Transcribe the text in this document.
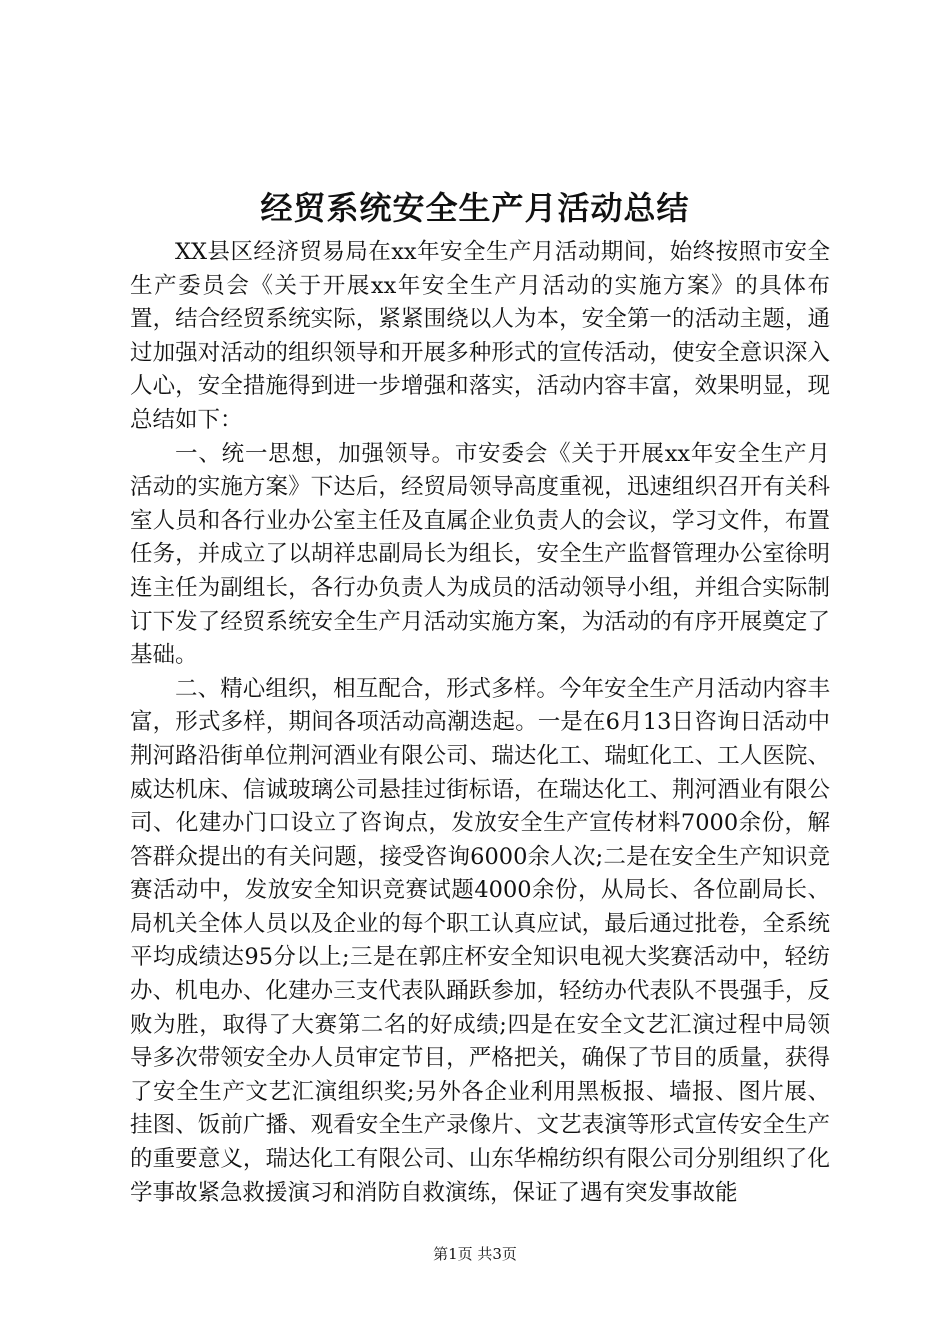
经贸系统安全生产月活动总结

XX县区经济贸易局在xx年安全生产月活动期间，始终按照市安全生产委员会《关于开展xx年安全生产月活动的实施方案》的具体布置，结合经贸系统实际，紧紧围绕以人为本，安全第一的活动主题，通过加强对活动的组织领导和开展多种形式的宣传活动，使安全意识深入人心，安全措施得到进一步增强和落实，活动内容丰富，效果明显，现总结如下：

一、统一思想，加强领导。市安委会《关于开展xx年安全生产月活动的实施方案》下达后，经贸局领导高度重视，迅速组织召开有关科室人员和各行业办公室主任及直属企业负责人的会议，学习文件，布置任务，并成立了以胡祥忠副局长为组长，安全生产监督管理办公室徐明连主任为副组长，各行办负责人为成员的活动领导小组，并组合实际制订下发了经贸系统安全生产月活动实施方案，为活动的有序开展奠定了基础。

二、精心组织，相互配合，形式多样。今年安全生产月活动内容丰富，形式多样，期间各项活动高潮迭起。一是在6月13日咨询日活动中荆河路沿街单位荆河酒业有限公司、瑞达化工、瑞虹化工、工人医院、威达机床、信诚玻璃公司悬挂过街标语，在瑞达化工、荆河酒业有限公司、化建办门口设立了咨询点，发放安全生产宣传材料7000余份，解答群众提出的有关问题，接受咨询6000余人次;二是在安全生产知识竞赛活动中，发放安全知识竞赛试题4000余份，从局长、各位副局长、局机关全体人员以及企业的每个职工认真应试，最后通过批卷，全系统平均成绩达95分以上;三是在郭庄杯安全知识电视大奖赛活动中，轻纺办、机电办、化建办三支代表队踊跃参加，轻纺办代表队不畏强手，反败为胜，取得了大赛第二名的好成绩;四是在安全文艺汇演过程中局领导多次带领安全办人员审定节目，严格把关，确保了节目的质量，获得了安全生产文艺汇演组织奖;另外各企业利用黑板报、墙报、图片展、挂图、饭前广播、观看安全生产录像片、文艺表演等形式宣传安全生产的重要意义，瑞达化工有限公司、山东华棉纺织有限公司分别组织了化学事故紧急救援演习和消防自救演练，保证了遇有突发事故能

第1页 共3页
